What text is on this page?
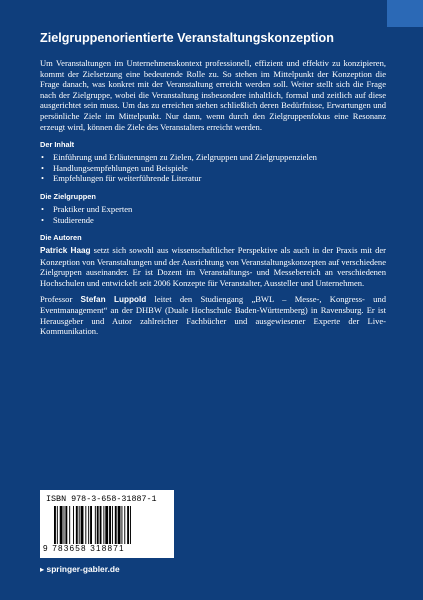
Zielgruppenorientierte Veranstaltungskonzeption

Um Veranstaltungen im Unternehmenskontext professionell, effizient und effektiv zu konzipieren, kommt der Zielsetzung eine bedeutende Rolle zu. So stehen im Mittelpunkt der Konzeption die Frage danach, was konkret mit der Veranstaltung erreicht werden soll. Weiter stellt sich die Frage nach der Zielgruppe, wobei die Veranstaltung insbesondere inhaltlich, formal und zeitlich auf diese ausgerichtet sein muss. Um das zu erreichen stehen schließlich deren Bedürfnisse, Erwartungen und persönliche Ziele im Mittelpunkt. Nur dann, wenn durch den Zielgruppenfokus eine Resonanz erzeugt wird, können die Ziele des Veranstalters erreicht werden.

Der Inhalt
• Einführung und Erläuterungen zu Zielen, Zielgruppen und Zielgruppenzielen
• Handlungsempfehlungen und Beispiele
• Empfehlungen für weiterführende Literatur
Die Zielgruppen
• Praktiker und Experten
• Studierende
Die Autoren

Patrick Haag setzt sich sowohl aus wissenschaftlicher Perspektive als auch in der Praxis mit der Konzeption von Veranstaltungen und der Ausrichtung von Veranstaltungskonzepten auf verschiedene Zielgruppen auseinander. Er ist Dozent im Veranstaltungs- und Messebereich an verschiedenen Hochschulen und entwickelt seit 2006 Konzepte für Veranstalter, Aussteller und Unternehmen.

Professor Stefan Luppold leitet den Studiengang „BWL – Messe-, Kongress- und Eventmanagement“ an der DHBW (Duale Hochschule Baden-Württemberg) in Ravensburg. Er ist Herausgeber und Autor zahlreicher Fachbücher und ausgewiesener Experte der Live-Kommunikation.

ISBN 978-3-658-31887-1
9 783658 318871
▸ springer-gabler.de
